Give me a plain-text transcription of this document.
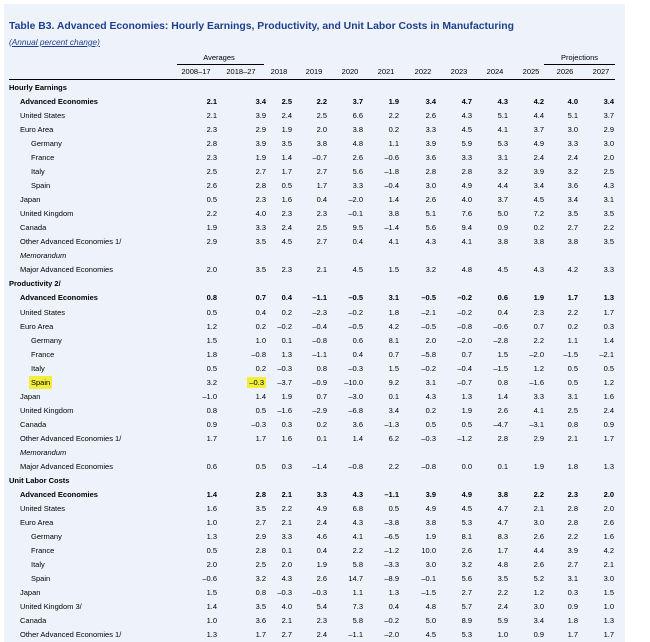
Table B3. Advanced Economies: Hourly Earnings, Productivity, and Unit Labor Costs in Manufacturing
(Annual percent change)
Averages	Projections
2008–17	2018–27	2018	2019	2020	2021	2022	2023	2024	2025	2026	2027
Hourly Earnings
Advanced Economies	2.1	3.4	2.5	2.2	3.7	1.9	3.4	4.7	4.3	4.2	4.0	3.4
United States	2.1	3.9	2.4	2.5	6.6	2.2	2.6	4.3	5.1	4.4	5.1	3.7
Euro Area	2.3	2.9	1.9	2.0	3.8	0.2	3.3	4.5	4.1	3.7	3.0	2.9
Germany	2.8	3.9	3.5	3.8	4.8	1.1	3.9	5.9	5.3	4.9	3.3	3.0
France	2.3	1.9	1.4	–0.7	2.6	–0.6	3.6	3.3	3.1	2.4	2.4	2.0
Italy	2.5	2.7	1.7	2.7	5.6	–1.8	2.8	2.8	3.2	3.9	3.2	2.5
Spain	2.6	2.8	0.5	1.7	3.3	–0.4	3.0	4.9	4.4	3.4	3.6	4.3
Japan	0.5	2.3	1.6	0.4	–2.0	1.4	2.6	4.0	3.7	4.5	3.4	3.1
United Kingdom	2.2	4.0	2.3	2.3	–0.1	3.8	5.1	7.6	5.0	7.2	3.5	3.5
Canada	1.9	3.3	2.4	2.5	9.5	–1.4	5.6	9.4	0.9	0.2	2.7	2.2
Other Advanced Economies 1/	2.9	3.5	4.5	2.7	0.4	4.1	4.3	4.1	3.8	3.8	3.8	3.5
Memorandum
Major Advanced Economies	2.0	3.5	2.3	2.1	4.5	1.5	3.2	4.8	4.5	4.3	4.2	3.3
Productivity 2/
Advanced Economies	0.8	0.7	0.4	–1.1	–0.5	3.1	–0.5	–0.2	0.6	1.9	1.7	1.3
United States	0.5	0.4	0.2	–2.3	–0.2	1.8	–2.1	–0.2	0.4	2.3	2.2	1.7
Euro Area	1.2	0.2	–0.2	–0.4	–0.5	4.2	–0.5	–0.8	–0.6	0.7	0.2	0.3
Germany	1.5	1.0	0.1	–0.8	0.6	8.1	2.0	–2.0	–2.8	2.2	1.1	1.4
France	1.8	–0.8	1.3	–1.1	0.4	0.7	–5.8	0.7	1.5	–2.0	–1.5	–2.1
Italy	0.5	0.2	–0.3	0.8	–0.3	1.5	–0.2	–0.4	–1.5	1.2	0.5	0.5
Spain	3.2	–0.3	–3.7	–0.9	–10.0	9.2	3.1	–0.7	0.8	–1.6	0.5	1.2
Japan	–1.0	1.4	1.9	0.7	–3.0	0.1	4.3	1.3	1.4	3.3	3.1	1.6
United Kingdom	0.8	0.5	–1.6	–2.9	–6.8	3.4	0.2	1.9	2.6	4.1	2.5	2.4
Canada	0.9	–0.3	0.3	0.2	3.6	–1.3	0.5	0.5	–4.7	–3.1	0.8	0.9
Other Advanced Economies 1/	1.7	1.7	1.6	0.1	1.4	6.2	–0.3	–1.2	2.8	2.9	2.1	1.7
Memorandum
Major Advanced Economies	0.6	0.5	0.3	–1.4	–0.8	2.2	–0.8	0.0	0.1	1.9	1.8	1.3
Unit Labor Costs
Advanced Economies	1.4	2.8	2.1	3.3	4.3	–1.1	3.9	4.9	3.8	2.2	2.3	2.0
United States	1.6	3.5	2.2	4.9	6.8	0.5	4.9	4.5	4.7	2.1	2.8	2.0
Euro Area	1.0	2.7	2.1	2.4	4.3	–3.8	3.8	5.3	4.7	3.0	2.8	2.6
Germany	1.3	2.9	3.3	4.6	4.1	–6.5	1.9	8.1	8.3	2.6	2.2	1.6
France	0.5	2.8	0.1	0.4	2.2	–1.2	10.0	2.6	1.7	4.4	3.9	4.2
Italy	2.0	2.5	2.0	1.9	5.8	–3.3	3.0	3.2	4.8	2.6	2.7	2.1
Spain	–0.6	3.2	4.3	2.6	14.7	–8.9	–0.1	5.6	3.5	5.2	3.1	3.0
Japan	1.5	0.8	–0.3	–0.3	1.1	1.3	–1.5	2.7	2.2	1.2	0.3	1.5
United Kingdom 3/	1.4	3.5	4.0	5.4	7.3	0.4	4.8	5.7	2.4	3.0	0.9	1.0
Canada	1.0	3.6	2.1	2.3	5.8	–0.2	5.0	8.9	5.9	3.4	1.8	1.3
Other Advanced Economies 1/	1.3	1.7	2.7	2.4	–1.1	–2.0	4.5	5.3	1.0	0.9	1.7	1.7
